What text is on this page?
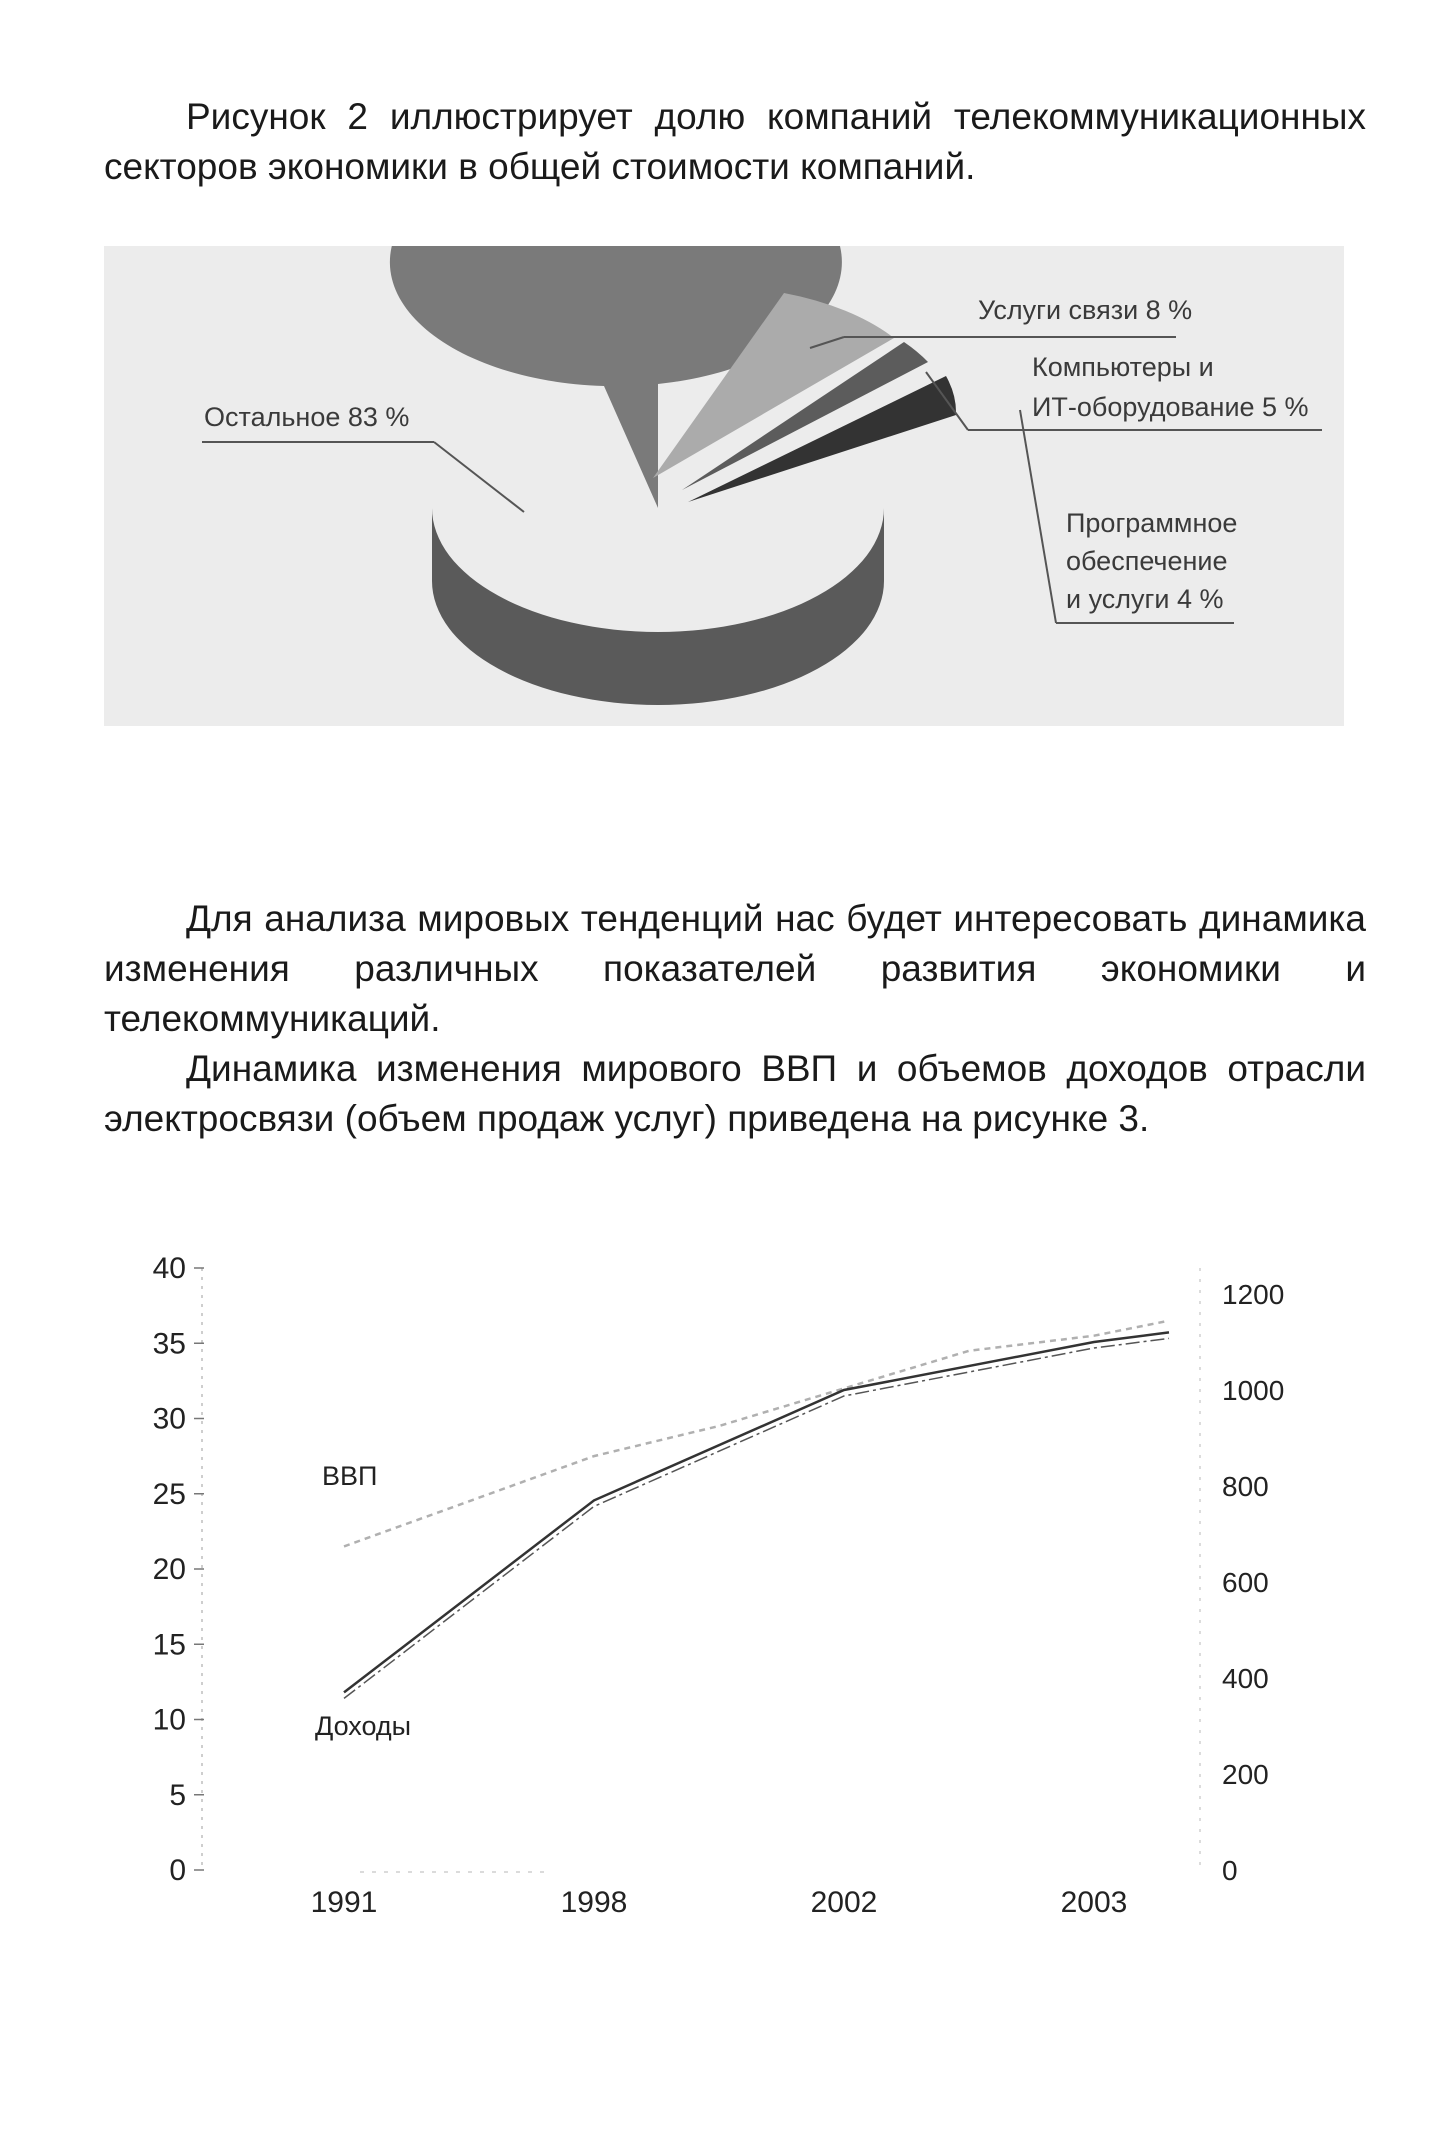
Рисунок 2 иллюстрирует долю компаний телекоммуникационных секторов экономики в общей стоимости компаний.

Остальное 83 %
Услуги связи 8 %
Компьютеры и
ИТ-оборудование 5 %
Программное
обеспечение
и услуги 4 %

Для анализа мировых тенденций нас будет интересовать динамика изменения различных показателей развития экономики и телекоммуникаций.

Динамика изменения мирового ВВП и объемов доходов отрасли электросвязи (объем продаж услуг) приведена на рисунке 3.

0
5
10
15
20
25
30
35
40
0
200
400
600
800
1000
1200
1991	1998	2002	2003
ВВП
Доходы
